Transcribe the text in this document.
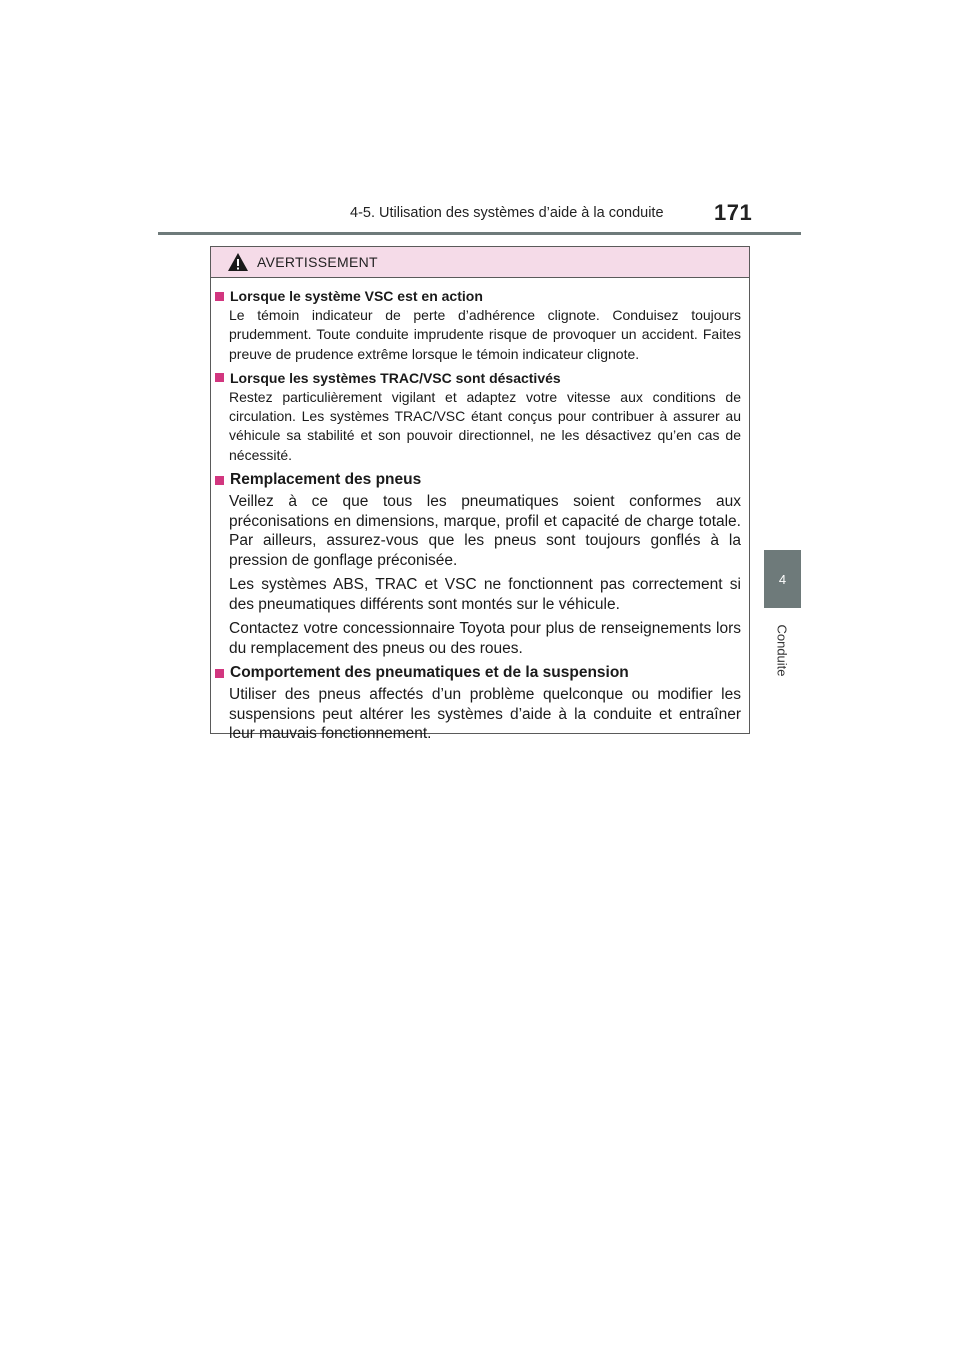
4-5. Utilisation des systèmes d’aide à la conduite 171
4
Conduite
AVERTISSEMENT
Lorsque le système VSC est en action

Le témoin indicateur de perte d’adhérence clignote. Conduisez toujours prudemment. Toute conduite imprudente risque de provoquer un accident. Faites preuve de prudence extrême lorsque le témoin indicateur clignote.

Lorsque les systèmes TRAC/VSC sont désactivés

Restez particulièrement vigilant et adaptez votre vitesse aux conditions de circulation. Les systèmes TRAC/VSC étant conçus pour contribuer à assurer au véhicule sa stabilité et son pouvoir directionnel, ne les désactivez qu’en cas de nécessité.

Remplacement des pneus

Veillez à ce que tous les pneumatiques soient conformes aux préconisations en dimensions, marque, profil et capacité de charge totale. Par ailleurs, assurez-vous que les pneus sont toujours gonflés à la pression de gonflage préconisée.

Les systèmes ABS, TRAC et VSC ne fonctionnent pas correctement si des pneumatiques différents sont montés sur le véhicule.

Contactez votre concessionnaire Toyota pour plus de renseignements lors du remplacement des pneus ou des roues.

Comportement des pneumatiques et de la suspension

Utiliser des pneus affectés d’un problème quelconque ou modifier les suspensions peut altérer les systèmes d’aide à la conduite et entraîner leur mauvais fonctionnement.
